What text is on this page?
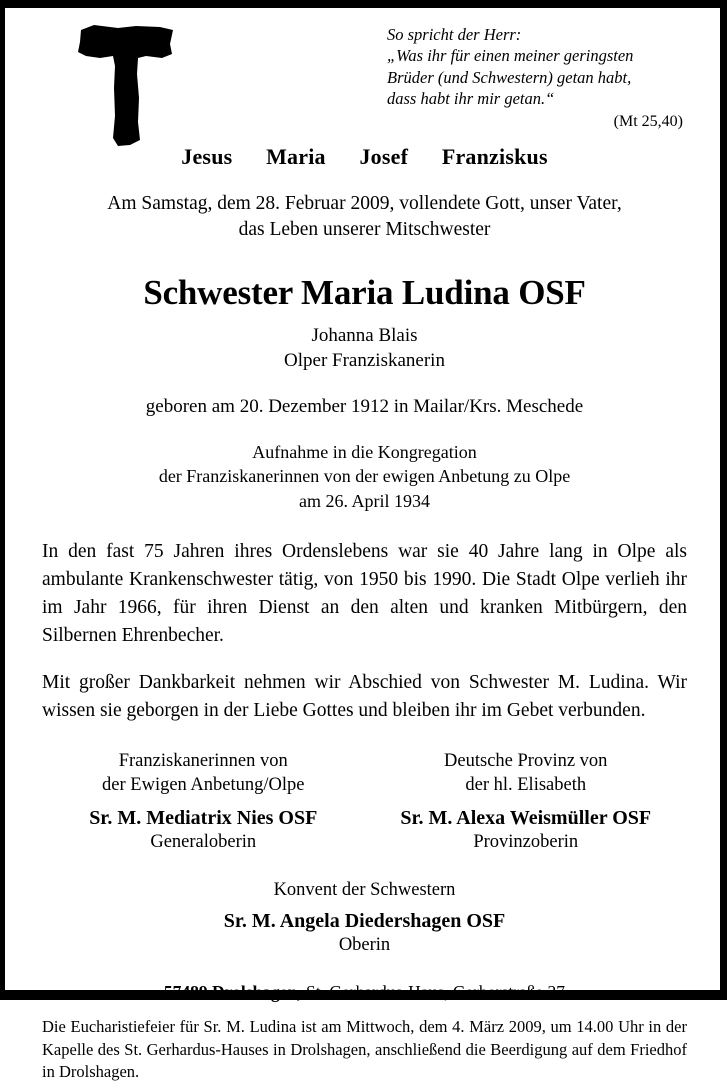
So spricht der Herr:
„Was ihr für einen meiner geringsten
Brüder (und Schwestern) getan habt,
dass habt ihr mir getan.“
(Mt 25,40)
Jesus Maria Josef Franziskus
Am Samstag, dem 28. Februar 2009, vollendete Gott, unser Vater,
das Leben unserer Mitschwester
Schwester Maria Ludina OSF
Johanna Blais
Olper Franziskanerin
geboren am 20. Dezember 1912 in Mailar/Krs. Meschede
Aufnahme in die Kongregation
der Franziskanerinnen von der ewigen Anbetung zu Olpe
am 26. April 1934
In den fast 75 Jahren ihres Ordenslebens war sie 40 Jahre lang in Olpe als ambulante Krankenschwester tätig, von 1950 bis 1990. Die Stadt Olpe verlieh ihr im Jahr 1966, für ihren Dienst an den alten und kranken Mitbürgern, den Silbernen Ehrenbecher.
Mit großer Dankbarkeit nehmen wir Abschied von Schwester M. Ludina. Wir wissen sie geborgen in der Liebe Gottes und bleiben ihr im Gebet verbunden.
Franziskanerinnen von
der Ewigen Anbetung/Olpe
Sr. M. Mediatrix Nies OSF
Generaloberin
Deutsche Provinz von
der hl. Elisabeth
Sr. M. Alexa Weismüller OSF
Provinzoberin
Konvent der Schwestern
Sr. M. Angela Diedershagen OSF
Oberin
57489 Drolshagen, St. Gerhardus-Haus, Gerberstraße 37
Die Eucharistiefeier für Sr. M. Ludina ist am Mittwoch, dem 4. März 2009, um 14.00 Uhr in der Kapelle des St. Gerhardus-Hauses in Drolshagen, anschließend die Beerdigung auf dem Friedhof in Drolshagen.
